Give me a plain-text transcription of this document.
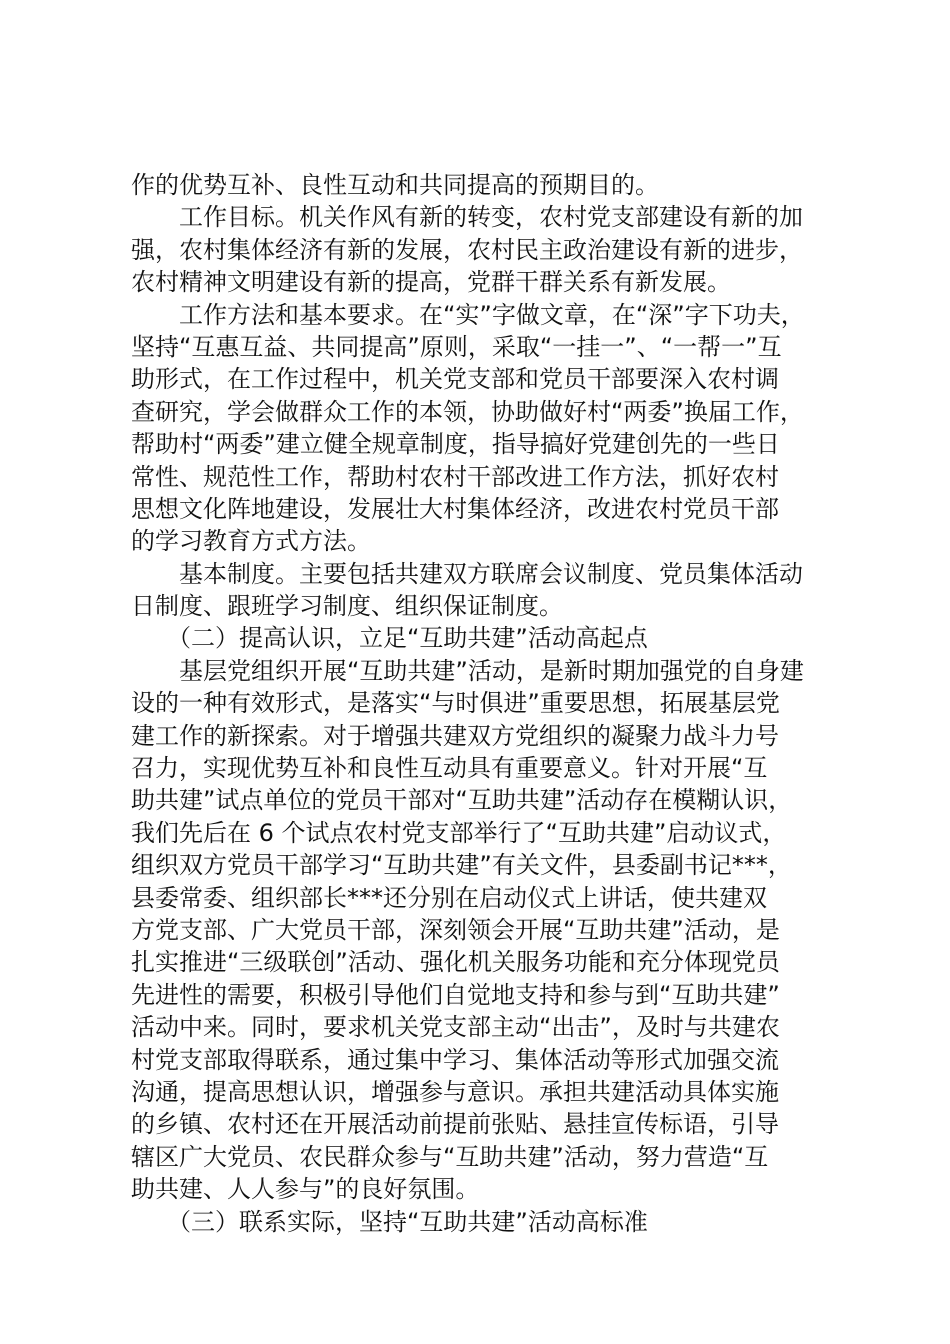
作的优势互补、良性互动和共同提高的预期目的。
　　工作目标。机关作风有新的转变，农村党支部建设有新的加
强，农村集体经济有新的发展，农村民主政治建设有新的进步，
农村精神文明建设有新的提高，党群干群关系有新发展。
　　工作方法和基本要求。在“实”字做文章，在“深”字下功夫，
坚持“互惠互益、共同提高”原则，采取“一挂一”、“一帮一”互
助形式，在工作过程中，机关党支部和党员干部要深入农村调
查研究，学会做群众工作的本领，协助做好村“两委”换届工作，
帮助村“两委”建立健全规章制度，指导搞好党建创先的一些日
常性、规范性工作，帮助村农村干部改进工作方法，抓好农村
思想文化阵地建设，发展壮大村集体经济，改进农村党员干部
的学习教育方式方法。
　　基本制度。主要包括共建双方联席会议制度、党员集体活动
日制度、跟班学习制度、组织保证制度。
　　（二）提高认识，立足“互助共建”活动高起点
　　基层党组织开展“互助共建”活动，是新时期加强党的自身建
设的一种有效形式，是落实“与时俱进”重要思想，拓展基层党
建工作的新探索。对于增强共建双方党组织的凝聚力战斗力号
召力，实现优势互补和良性互动具有重要意义。针对开展“互
助共建”试点单位的党员干部对“互助共建”活动存在模糊认识，
我们先后在 6 个试点农村党支部举行了“互助共建”启动议式，
组织双方党员干部学习“互助共建”有关文件，县委副书记***，
县委常委、组织部长***还分别在启动仪式上讲话，使共建双
方党支部、广大党员干部，深刻领会开展“互助共建”活动，是
扎实推进“三级联创”活动、强化机关服务功能和充分体现党员
先进性的需要，积极引导他们自觉地支持和参与到“互助共建”
活动中来。同时，要求机关党支部主动“出击”，及时与共建农
村党支部取得联系，通过集中学习、集体活动等形式加强交流
沟通，提高思想认识，增强参与意识。承担共建活动具体实施
的乡镇、农村还在开展活动前提前张贴、悬挂宣传标语，引导
辖区广大党员、农民群众参与“互助共建”活动，努力营造“互
助共建、人人参与”的良好氛围。
　　（三）联系实际，坚持“互助共建”活动高标准
